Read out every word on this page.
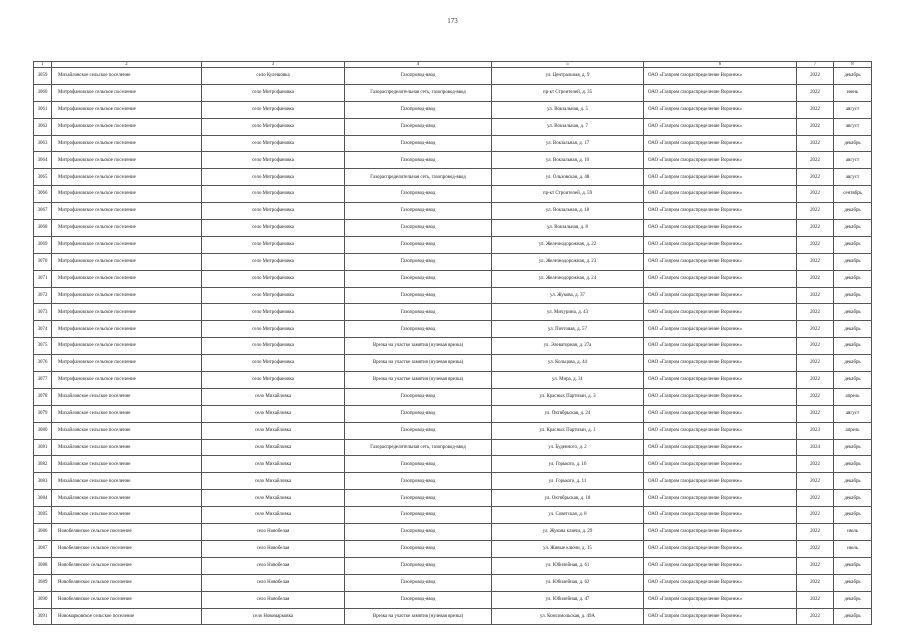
173
1	2	3	4	5	6	7	8
3059	Михайловское сельское поселение	село Кулешовка	Газопровод-ввод	ул. Центральная, д. 9	ОАО «Газпром газораспределение Воронеж»	2022	декабрь
3060	Митрофановское сельское поселение	село Митрофановка	Газораспределительная сеть, газопровод-ввод	пр-кт Строителей, д. 35	ОАО «Газпром газораспределение Воронеж»	2022	июнь
3061	Митрофановское сельское поселение	село Митрофановка	Газопровод-ввод	ул. Вокзальная, д. 5	ОАО «Газпром газораспределение Воронеж»	2022	август
3062	Митрофановское сельское поселение	село Митрофановка	Газопровод-ввод	ул. Вокзальная, д. 7	ОАО «Газпром газораспределение Воронеж»	2022	август
3063	Митрофановское сельское поселение	село Митрофановка	Газопровод-ввод	ул. Вокзальная, д. 17	ОАО «Газпром газораспределение Воронеж»	2022	декабрь
3064	Митрофановское сельское поселение	село Митрофановка	Газопровод-ввод	ул. Вокзальная, д. 10	ОАО «Газпром газораспределение Воронеж»	2022	август
3065	Митрофановское сельское поселение	село Митрофановка	Газораспределительная сеть, газопровод-ввод	ул. Ольховская, д. 48	ОАО «Газпром газораспределение Воронеж»	2022	август
3066	Митрофановское сельское поселение	село Митрофановка	Газопровод-ввод	пр-кт Строителей, д. 59	ОАО «Газпром газораспределение Воронеж»	2022	сентябрь
3067	Митрофановское сельское поселение	село Митрофановка	Газопровод-ввод	ул. Вокзальная, д. 18	ОАО «Газпром газораспределение Воронеж»	2022	декабрь
3068	Митрофановское сельское поселение	село Митрофановка	Газопровод-ввод	ул. Вокзальная, д. 8	ОАО «Газпром газораспределение Воронеж»	2022	декабрь
3069	Митрофановское сельское поселение	село Митрофановка	Газопровод-ввод	ул. Железнодорожная, д. 22	ОАО «Газпром газораспределение Воронеж»	2022	декабрь
3070	Митрофановское сельское поселение	село Митрофановка	Газопровод-ввод	ул. Железнодорожная, д. 23	ОАО «Газпром газораспределение Воронеж»	2022	декабрь
3071	Митрофановское сельское поселение	село Митрофановка	Газопровод-ввод	ул. Железнодорожная, д. 24	ОАО «Газпром газораспределение Воронеж»	2022	декабрь
3072	Митрофановское сельское поселение	село Митрофановка	Газопровод-ввод	ул. Жукова, д. 37	ОАО «Газпром газораспределение Воронеж»	2022	декабрь
3073	Митрофановское сельское поселение	село Митрофановка	Газопровод-ввод	ул. Мичурина, д. 43	ОАО «Газпром газораспределение Воронеж»	2022	декабрь
3074	Митрофановское сельское поселение	село Митрофановка	Газопровод-ввод	ул. Почтовая, д. 57	ОАО «Газпром газораспределение Воронеж»	2022	декабрь
3075	Митрофановское сельское поселение	село Митрофановка	Врезка на участке замятия (нулевая врезка)	ул. Элеваторная, д. 27а	ОАО «Газпром газораспределение Воронеж»	2022	декабрь
3076	Митрофановское сельское поселение	село Митрофановка	Врезка на участке замятия (нулевая врезка)	ул. Кольцова, д. 44	ОАО «Газпром газораспределение Воронеж»	2022	декабрь
3077	Митрофановское сельское поселение	село Митрофановка	Врезка на участке замятия (нулевая врезка)	ул. Мира, д. 31	ОАО «Газпром газораспределение Воронеж»	2022	декабрь
3078	Михайловское сельское поселение	село Михайловка	Газопровод-ввод	ул. Красных Партизан, д. 3	ОАО «Газпром газораспределение Воронеж»	2022	апрель
3079	Михайловское сельское поселение	село Михайловка	Газопровод-ввод	ул. Октябрьская, д. 24	ОАО «Газпром газораспределение Воронеж»	2022	август
3080	Михайловское сельское поселение	село Михайловка	Газопровод-ввод	ул. Красных Партизан, д. 1	ОАО «Газпром газораспределение Воронеж»	2023	апрель
3081	Михайловское сельское поселение	село Михайловка	Газораспределительная сеть, газопровод-ввод	ул. Буденного, д. 2	ОАО «Газпром газораспределение Воронеж»	2024	декабрь
3082	Михайловское сельское поселение	село Михайловка	Газопровод-ввод	ул. Горького, д. 16	ОАО «Газпром газораспределение Воронеж»	2022	декабрь
3083	Михайловское сельское поселение	село Михайловка	Газопровод-ввод	ул. Горького, д. 11	ОАО «Газпром газораспределение Воронеж»	2022	декабрь
3084	Михайловское сельское поселение	село Михайловка	Газопровод-ввод	ул. Октябрьская, д. 18	ОАО «Газпром газораспределение Воронеж»	2022	декабрь
3085	Михайловское сельское поселение	село Михайловка	Газопровод-ввод	ул. Советская, д. 8	ОАО «Газпром газораспределение Воронеж»	2022	декабрь
3086	Новобелянское сельское поселение	село Новобелая	Газопровод-ввод	ул. Жукова ключи, д. 29	ОАО «Газпром газораспределение Воронеж»	2022	июль
3087	Новобелянское сельское поселение	село Новобелая	Газопровод-ввод	ул. Живые ключи, д. 15	ОАО «Газпром газораспределение Воронеж»	2022	июль
3088	Новобелянское сельское поселение	село Новобелая	Газопровод-ввод	ул. Юбилейная, д. 61	ОАО «Газпром газораспределение Воронеж»	2022	декабрь
3089	Новобелянское сельское поселение	село Новобелая	Газопровод-ввод	ул. Юбилейная, д. 62	ОАО «Газпром газораспределение Воронеж»	2022	декабрь
3090	Новобелянское сельское поселение	село Новобелая	Газопровод-ввод	ул. Юбилейная, д. 47	ОАО «Газпром газораспределение Воронеж»	2022	декабрь
3091	Новомарковское сельское поселение	село Новомарковка	Врезка на участке замятия (нулевая врезка)	ул. Комсомольская, д. 49А	ОАО «Газпром газораспределение Воронеж»	2022	декабрь
